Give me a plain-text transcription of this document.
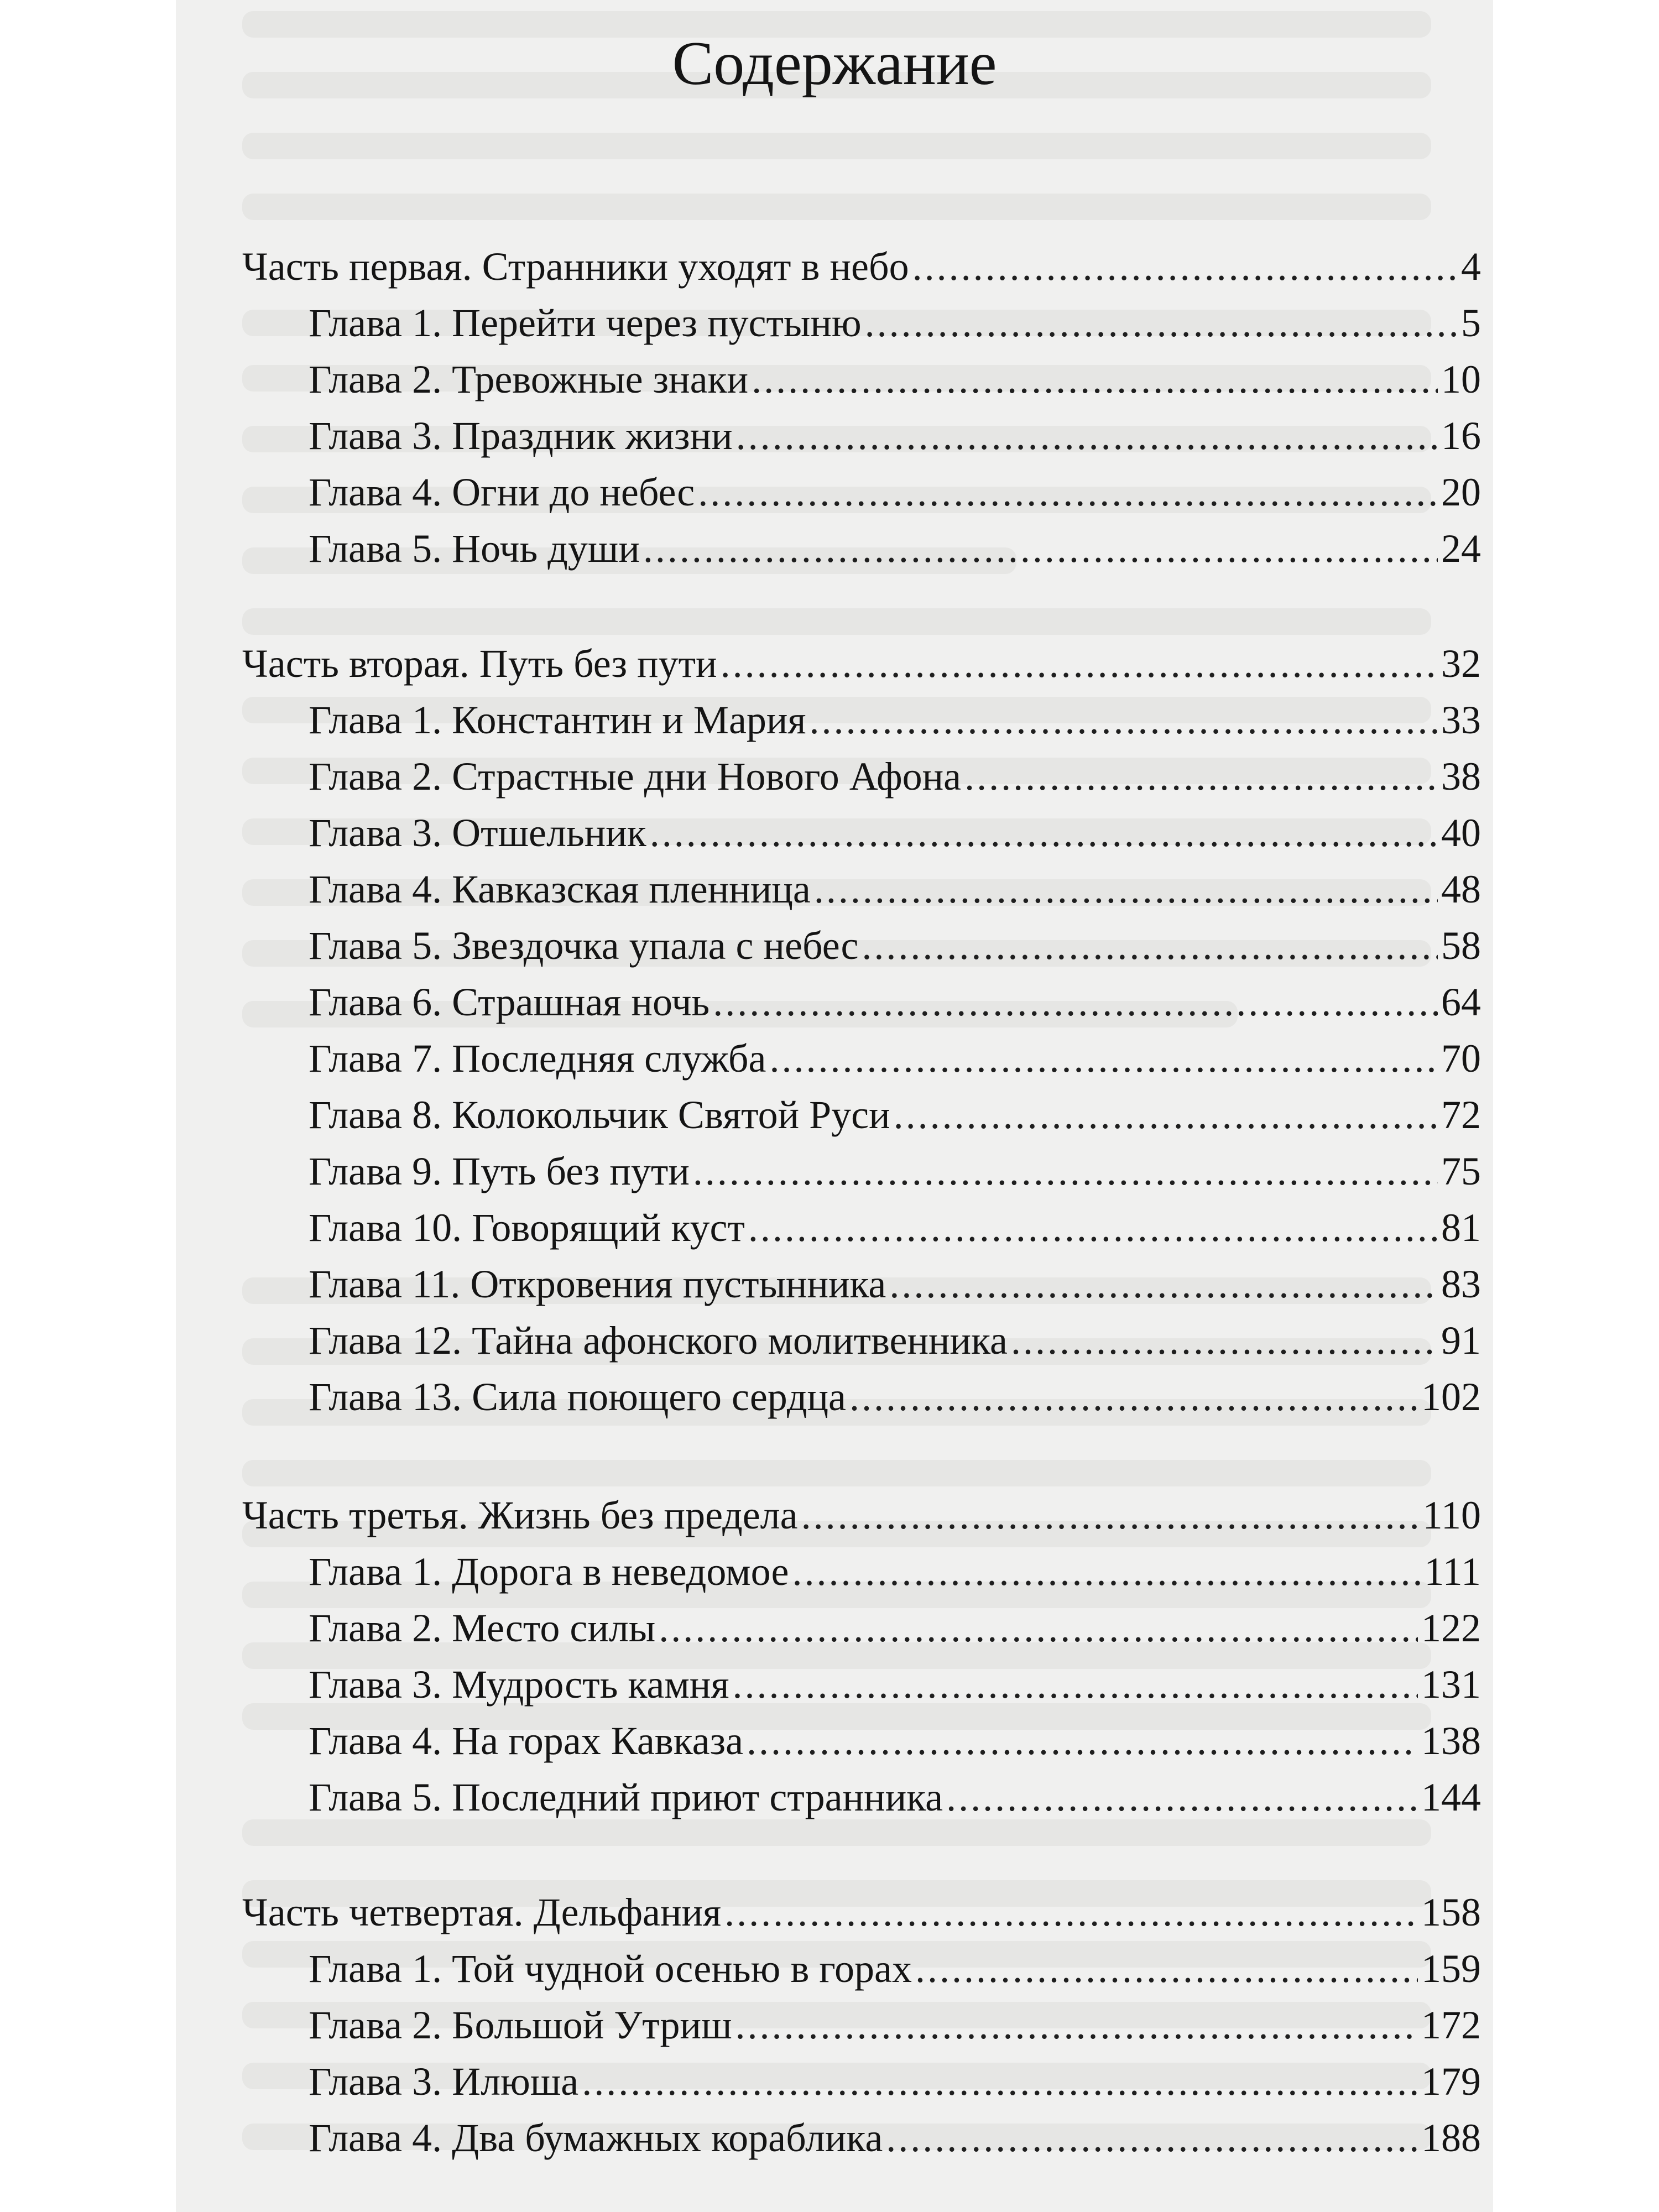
Содержание
Часть первая. Странники уходят в небо .....	4
Глава 1. Перейти через пустыню .....	5
Глава 2. Тревожные знаки .....	10
Глава 3. Праздник жизни .....	16
Глава 4. Огни до небес .....	20
Глава 5. Ночь души .....	24
Часть вторая. Путь без пути .....	32
Глава 1. Константин и Мария .....	33
Глава 2. Страстные дни Нового Афона .....	38
Глава 3. Отшельник .....	40
Глава 4. Кавказская пленница .....	48
Глава 5. Звездочка упала с небес .....	58
Глава 6. Страшная ночь .....	64
Глава 7. Последняя служба .....	70
Глава 8. Колокольчик Святой Руси .....	72
Глава 9. Путь без пути .....	75
Глава 10. Говорящий куст .....	81
Глава 11. Откровения пустынника .....	83
Глава 12. Тайна афонского молитвенника .....	91
Глава 13. Сила поющего сердца .....	102
Часть третья. Жизнь без предела .....	110
Глава 1. Дорога в неведомое .....	111
Глава 2. Место силы .....	122
Глава 3. Мудрость камня .....	131
Глава 4. На горах Кавказа .....	138
Глава 5. Последний приют странника .....	144
Часть четвертая. Дельфания .....	158
Глава 1. Той чудной осенью в горах .....	159
Глава 2. Большой Утриш .....	172
Глава 3. Илюша .....	179
Глава 4. Два бумажных кораблика .....	188
